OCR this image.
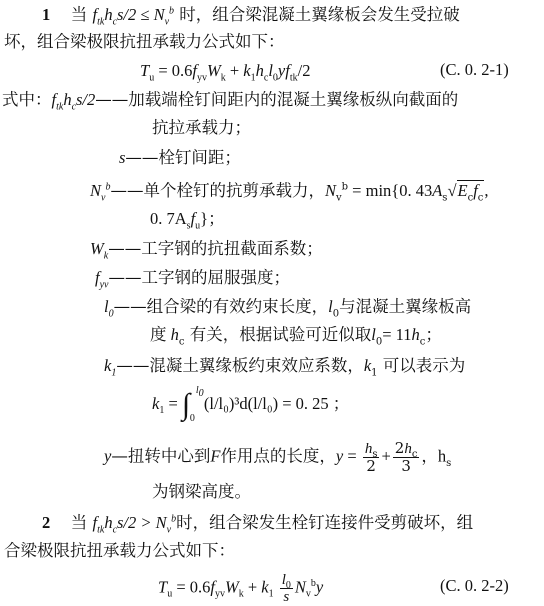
1 当 $f_{tk}h_cs/2 \le N_v^b$ 时，组合梁混凝土翼缘板会发生受拉破
坏，组合梁极限抗扭承载力公式如下：
$T_u = 0.6f_{yv}W_k + k_1h_cl_0yf_{tk}/2$	(C. 0. 2-1)
式中：$f_{tk}h_cs/2——$加载端栓钉间距内的混凝土翼缘板纵向截面的
抗拉承载力；
s——栓钉间距；
$N_v^b——$单个栓钉的抗剪承载力，$N_v^b = \min\{0$. $43A_s√E_cf_c$,
0. $7A_sf_u$}；
$W_k——$工字钢的抗扭截面系数；
$f_{yv}——$工字钢的屈服强度；
$l_0——$组合梁的有效约束长度，$l_0$与混凝土翼缘板高
度 $h_c$ 有关，根据试验可近似取$l_0= 11h_c$；
$k_1——$混凝土翼缘板约束效应系数，$k_1$ 可以表示为
$k_1$ = ∫ $l_0$
0
(l/l₀)³d(l/l₀) = 0. 25 ；
y—扭转中心到F作用点的长度，$y = \frac{h_s}{2} + \frac{2h_c}{3}$ ，$h_s$
为钢梁高度。
2 当 $f_{tk}h_cs/2 > N_v^b$时，组合梁发生栓钉连接件受剪破坏，组
合梁极限抗扭承载力公式如下：
$T_u = 0.6f_{yv}W_k + k_1 \frac{l_0}{s} N_v^by$	(C. 0. 2-2)
